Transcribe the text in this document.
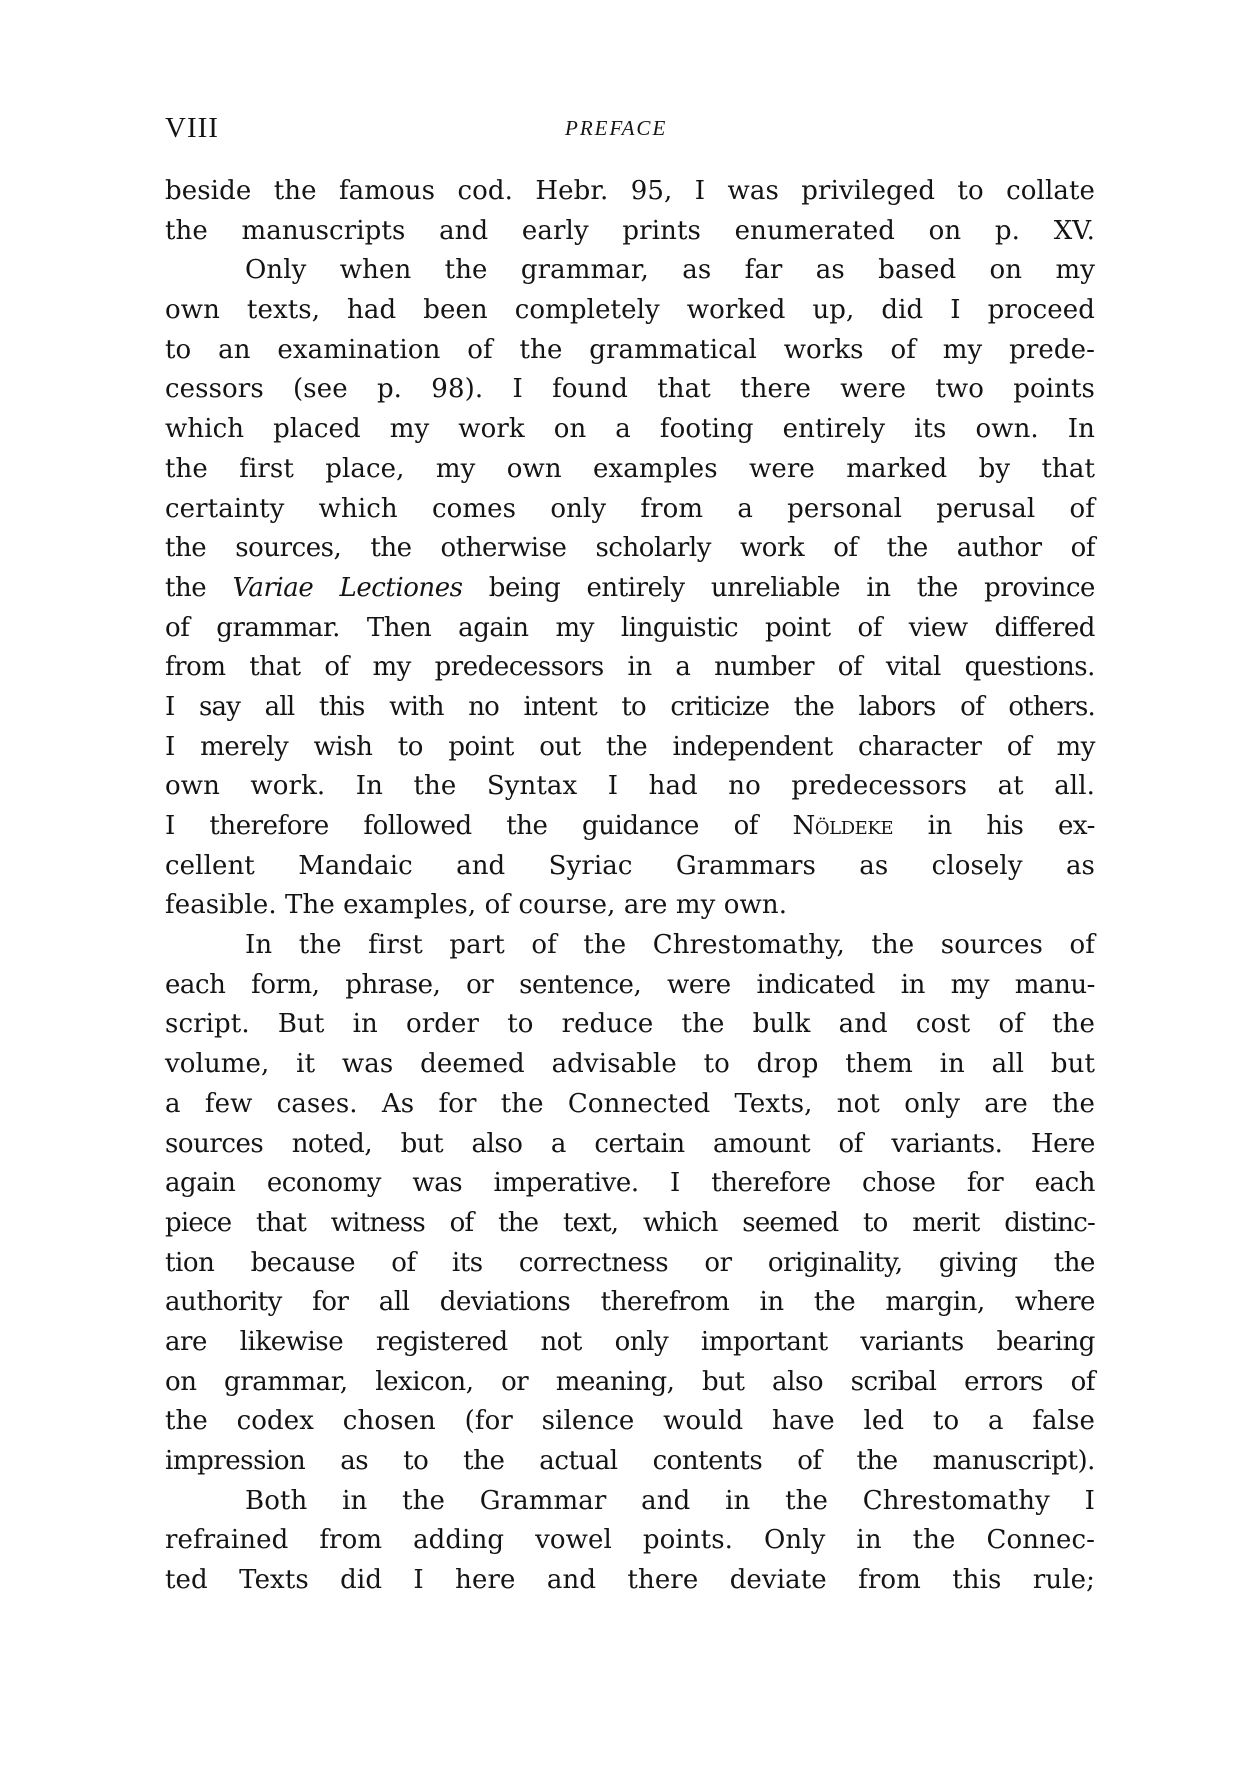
VIII	PREFACE
beside the famous cod. Hebr. 95, I was privileged to collate
the manuscripts and early prints enumerated on p. XV.
Only when the grammar, as far as based on my
own texts, had been completely worked up, did I proceed
to an examination of the grammatical works of my prede-
cessors (see p. 98). I found that there were two points
which placed my work on a footing entirely its own. In
the first place, my own examples were marked by that
certainty which comes only from a personal perusal of
the sources, the otherwise scholarly work of the author of
the Variae Lectiones being entirely unreliable in the province
of grammar. Then again my linguistic point of view differed
from that of my predecessors in a number of vital questions.
I say all this with no intent to criticize the labors of others.
I merely wish to point out the independent character of my
own work. In the Syntax I had no predecessors at all.
I therefore followed the guidance of Nöldeke in his ex-
cellent Mandaic and Syriac Grammars as closely as
feasible. The examples, of course, are my own.
In the first part of the Chrestomathy, the sources of
each form, phrase, or sentence, were indicated in my manu-
script. But in order to reduce the bulk and cost of the
volume, it was deemed advisable to drop them in all but
a few cases. As for the Connected Texts, not only are the
sources noted, but also a certain amount of variants. Here
again economy was imperative. I therefore chose for each
piece that witness of the text, which seemed to merit distinc-
tion because of its correctness or originality, giving the
authority for all deviations therefrom in the margin, where
are likewise registered not only important variants bearing
on grammar, lexicon, or meaning, but also scribal errors of
the codex chosen (for silence would have led to a false
impression as to the actual contents of the manuscript).
Both in the Grammar and in the Chrestomathy I
refrained from adding vowel points. Only in the Connec-
ted Texts did I here and there deviate from this rule;
